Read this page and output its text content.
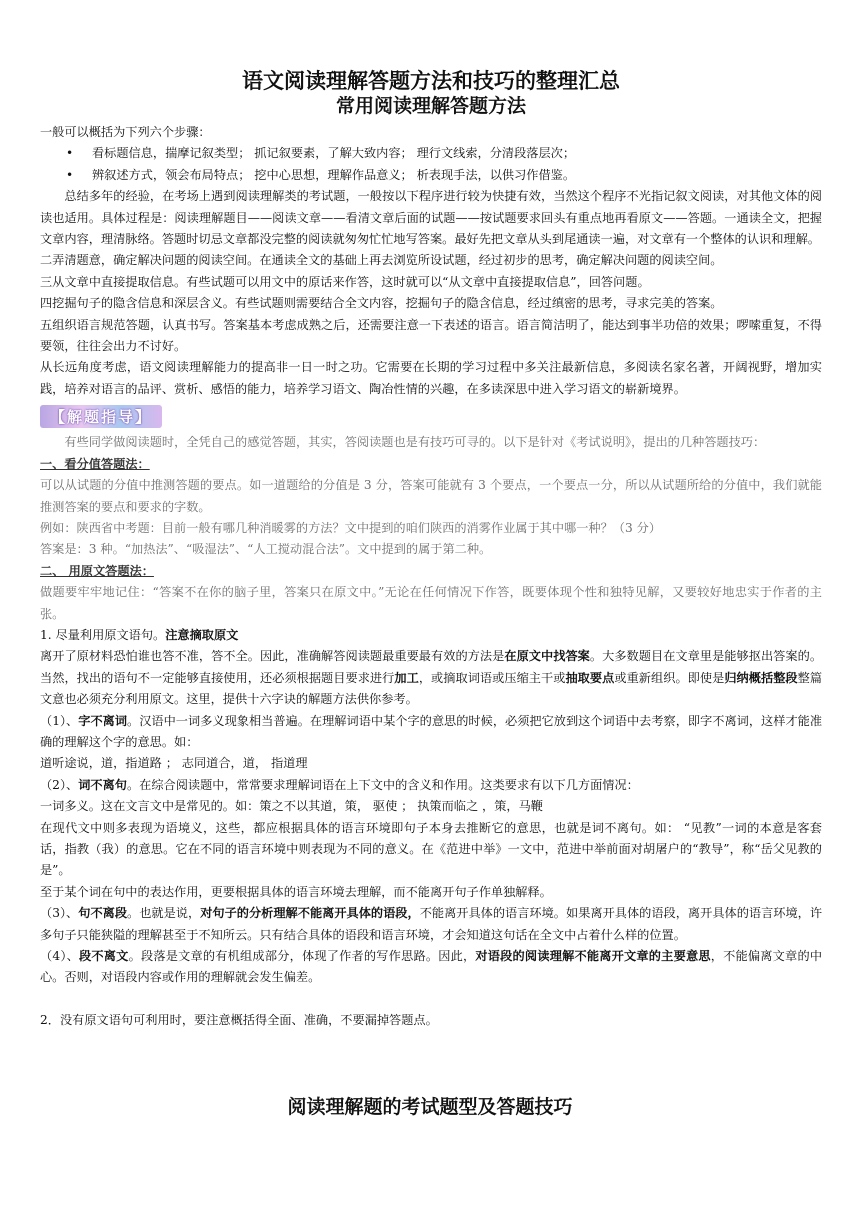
语文阅读理解答题方法和技巧的整理汇总
常用阅读理解答题方法

一般可以概括为下列六个步骤：

•	看标题信息，揣摩记叙类型； 抓记叙要素，了解大致内容； 理行文线索，分清段落层次；
•	辨叙述方式，领会布局特点； 挖中心思想，理解作品意义； 析表现手法，以供习作借鉴。

总结多年的经验，在考场上遇到阅读理解类的考试题，一般按以下程序进行较为快捷有效，当然这个程序不光指记叙文阅读，对其他文体的阅读也适用。具体过程是：阅读理解题目——阅读文章——看清文章后面的试题——按试题要求回头有重点地再看原文——答题。一通读全文，把握文章内容，理清脉络。答题时切忌文章都没完整的阅读就匆匆忙忙地写答案。最好先把文章从头到尾通读一遍，对文章有一个整体的认识和理解。

二弄清题意，确定解决问题的阅读空间。在通读全文的基础上再去浏览所设试题，经过初步的思考，确定解决问题的阅读空间。

三从文章中直接提取信息。有些试题可以用文中的原话来作答，这时就可以“从文章中直接提取信息”，回答问题。

四挖掘句子的隐含信息和深层含义。有些试题则需要结合全文内容，挖掘句子的隐含信息，经过缜密的思考，寻求完美的答案。

五组织语言规范答题，认真书写。答案基本考虑成熟之后，还需要注意一下表述的语言。语言简洁明了，能达到事半功倍的效果；啰嗦重复，不得要领，往往会出力不讨好。

从长远角度考虑，语文阅读理解能力的提高非一日一时之功。它需要在长期的学习过程中多关注最新信息，多阅读名家名著，开阔视野，增加实践，培养对语言的品评、赏析、感悟的能力，培养学习语文、陶冶性情的兴趣，在多读深思中进入学习语文的崭新境界。

【解题指导】

有些同学做阅读题时，全凭自己的感觉答题，其实，答阅读题也是有技巧可寻的。以下是针对《考试说明》，提出的几种答题技巧：

一、看分值答题法：

可以从试题的分值中推测答题的要点。如一道题给的分值是 3 分，答案可能就有 3 个要点，一个要点一分，所以从试题所给的分值中，我们就能推测答案的要点和要求的字数。

例如：陕西省中考题：目前一般有哪几种消暖雾的方法？文中提到的咱们陕西的消雾作业属于其中哪一种？（3 分）

答案是：3 种。“加热法”、“吸湿法”、“人工搅动混合法”。文中提到的属于第二种。

二、 用原文答题法：

做题要牢牢地记住：“答案不在你的脑子里，答案只在原文中。”无论在任何情况下作答，既要体现个性和独特见解，又要较好地忠实于作者的主张。

1. 尽量利用原文语句。注意摘取原文

离开了原材料恐怕谁也答不准，答不全。因此，准确解答阅读题最重要最有效的方法是在原文中找答案。大多数题目在文章里是能够抠出答案的。当然，找出的语句不一定能够直接使用，还必须根据题目要求进行加工，或摘取词语或压缩主干或抽取要点或重新组织。即使是归纳概括整段整篇文意也必须充分利用原文。这里，提供十六字诀的解题方法供你参考。

（1）、字不离词。汉语中一词多义现象相当普遍。在理解词语中某个字的意思的时候，必须把它放到这个词语中去考察，即字不离词，这样才能准确的理解这个字的意思。如：

道听途说，道，指道路 ； 志同道合，道， 指道理

（2）、词不离句。在综合阅读题中，常常要求理解词语在上下文中的含义和作用。这类要求有以下几方面情况：

一词多义。这在文言文中是常见的。如：策之不以其道，策， 驱使 ； 执策而临之 ，策，马鞭

在现代文中则多表现为语境义，这些，都应根据具体的语言环境即句子本身去推断它的意思，也就是词不离句。如： “见教”一词的本意是客套话，指教（我）的意思。它在不同的语言环境中则表现为不同的意义。在《范进中举》一文中，范进中举前面对胡屠户的“教导”，称“岳父见教的是”。

至于某个词在句中的表达作用，更要根据具体的语言环境去理解，而不能离开句子作单独解释。

（3）、句不离段。也就是说，对句子的分析理解不能离开具体的语段，不能离开具体的语言环境。如果离开具体的语段，离开具体的语言环境，许多句子只能狭隘的理解甚至于不知所云。只有结合具体的语段和语言环境，才会知道这句话在全文中占着什么样的位置。

（4）、段不离文。段落是文章的有机组成部分，体现了作者的写作思路。因此，对语段的阅读理解不能离开文章的主要意思，不能偏离文章的中心。否则，对语段内容或作用的理解就会发生偏差。

2．没有原文语句可利用时，要注意概括得全面、准确，不要漏掉答题点。

阅读理解题的考试题型及答题技巧
